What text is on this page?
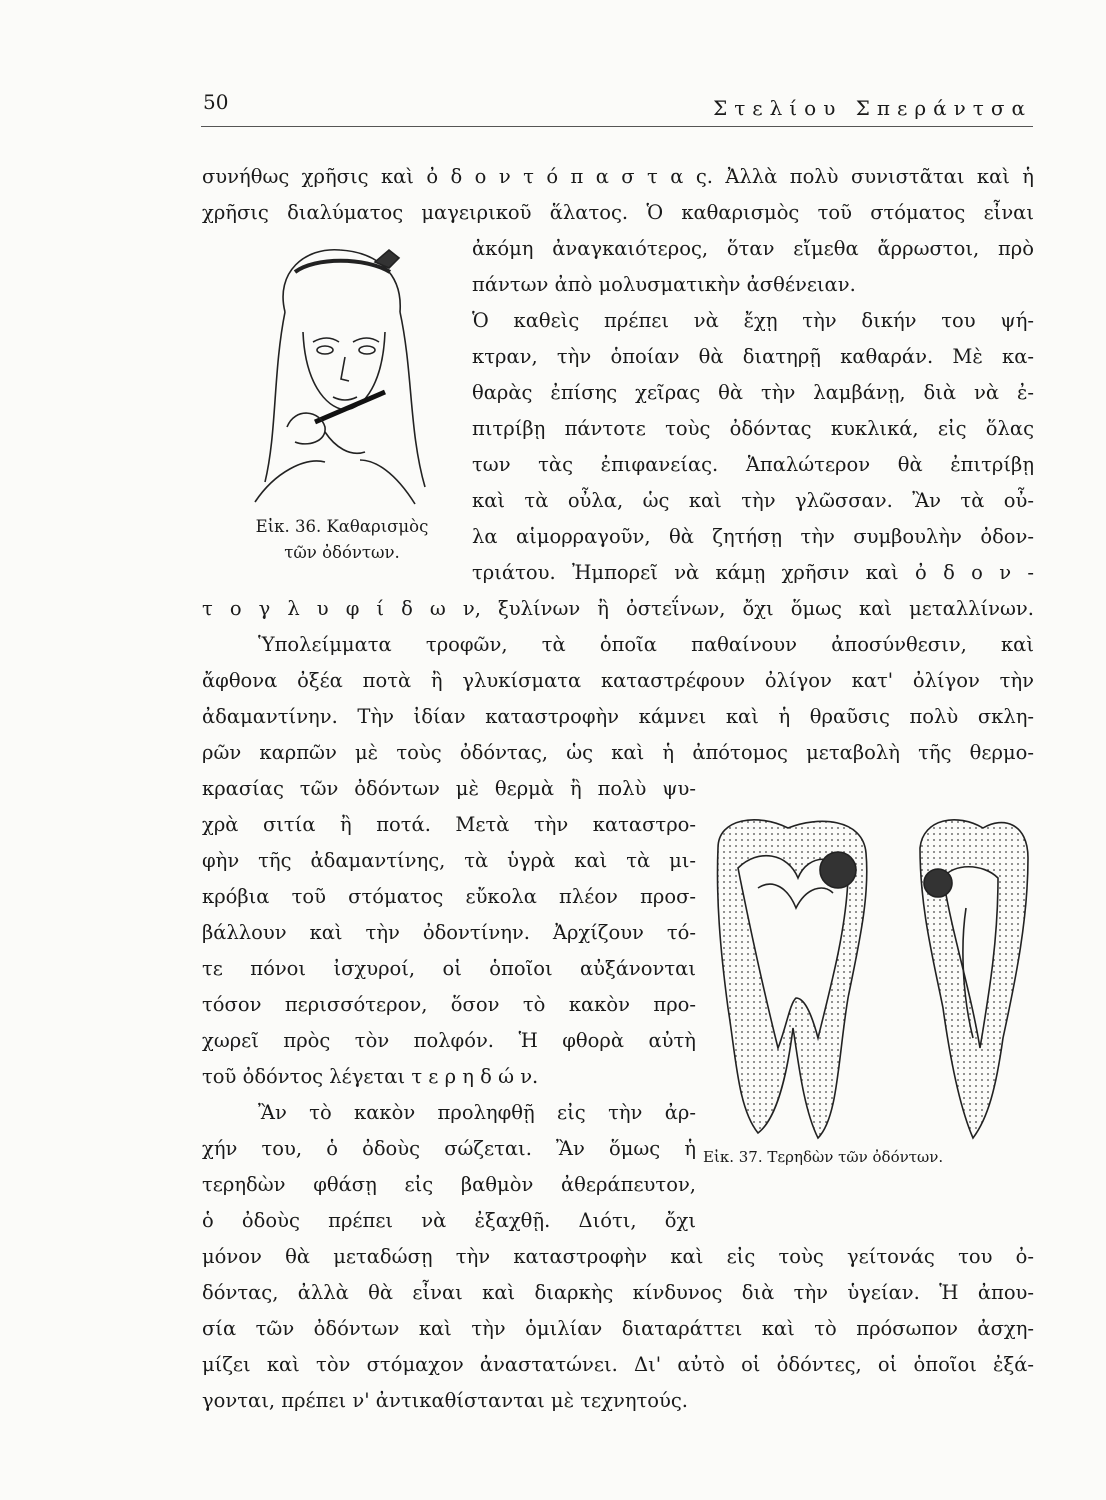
50	Στελίου Σπεράντσα
Εἰκ. 36. Καθαρισμὸς
τῶν ὀδόντων.
Εἰκ. 37. Τερηδὼν τῶν ὀδόντων.
συνήθως χρῆσις καὶ ὀ δ ο ν τ ό π α σ τ α ς. Ἀλλὰ πολὺ συνιστᾶται καὶ ἡ
χρῆσις διαλύματος μαγειρικοῦ ἅλατος. Ὁ καθαρισμὸς τοῦ στόματος εἶναι
ἀκόμη ἀναγκαιότερος, ὅταν εἴμεθα ἄρρωστοι, πρὸ
πάντων ἀπὸ μολυσματικὴν ἀσθένειαν.
Ὁ καθεὶς πρέπει νὰ ἔχῃ τὴν δικήν του ψή-
κτραν, τὴν ὁποίαν θὰ διατηρῇ καθαράν. Μὲ κα-
θαρὰς ἐπίσης χεῖρας θὰ τὴν λαμβάνῃ, διὰ νὰ ἐ-
πιτρίβῃ πάντοτε τοὺς ὀδόντας κυκλικά, εἰς ὅλας
των τὰς ἐπιφανείας. Ἁπαλώτερον θὰ ἐπιτρίβῃ
καὶ τὰ οὖλα, ὡς καὶ τὴν γλῶσσαν. Ἂν τὰ οὖ-
λα αἱμορραγοῦν, θὰ ζητήσῃ τὴν συμβουλὴν ὀδον-
τριάτου. Ἠμπορεῖ νὰ κάμῃ χρῆσιν καὶ ὀ δ ο ν -
τ ο γ λ υ φ ί δ ω ν, ξυλίνων ἢ ὀστεΐνων, ὄχι ὅμως καὶ μεταλλίνων.
Ὑπολείμματα τροφῶν, τὰ ὁποῖα παθαίνουν ἀποσύνθεσιν, καὶ
ἄφθονα ὀξέα ποτὰ ἢ γλυκίσματα καταστρέφουν ὀλίγον κατ' ὀλίγον τὴν
ἀδαμαντίνην. Τὴν ἰδίαν καταστροφὴν κάμνει καὶ ἡ θραῦσις πολὺ σκλη-
ρῶν καρπῶν μὲ τοὺς ὀδόντας, ὡς καὶ ἡ ἀπότομος μεταβολὴ τῆς θερμο-
κρασίας τῶν ὀδόντων μὲ θερμὰ ἢ πολὺ ψυ-
χρὰ σιτία ἢ ποτά. Μετὰ τὴν καταστρο-
φὴν τῆς ἀδαμαντίνης, τὰ ὑγρὰ καὶ τὰ μι-
κρόβια τοῦ στόματος εὔκολα πλέον προσ-
βάλλουν καὶ τὴν ὀδοντίνην. Ἀρχίζουν τό-
τε πόνοι ἰσχυροί, οἱ ὁποῖοι αὐξάνονται
τόσον περισσότερον, ὅσον τὸ κακὸν προ-
χωρεῖ πρὸς τὸν πολφόν. Ἡ φθορὰ αὐτὴ
τοῦ ὀδόντος λέγεται τ ε ρ η δ ώ ν.
Ἂν τὸ κακὸν προληφθῇ εἰς τὴν ἀρ-
χήν του, ὁ ὀδοὺς σώζεται. Ἂν ὅμως ἡ
τερηδὼν φθάσῃ εἰς βαθμὸν ἀθεράπευτον,
ὁ ὀδοὺς πρέπει νὰ ἐξαχθῇ. Διότι, ὄχι
μόνον θὰ μεταδώσῃ τὴν καταστροφὴν καὶ εἰς τοὺς γείτονάς του ὀ-
δόντας, ἀλλὰ θὰ εἶναι καὶ διαρκὴς κίνδυνος διὰ τὴν ὑγείαν. Ἡ ἀπου-
σία τῶν ὀδόντων καὶ τὴν ὁμιλίαν διαταράττει καὶ τὸ πρόσωπον ἀσχη-
μίζει καὶ τὸν στόμαχον ἀναστατώνει. Δι' αὐτὸ οἱ ὀδόντες, οἱ ὁποῖοι ἐξά-
γονται, πρέπει ν' ἀντικαθίστανται μὲ τεχνητούς.
